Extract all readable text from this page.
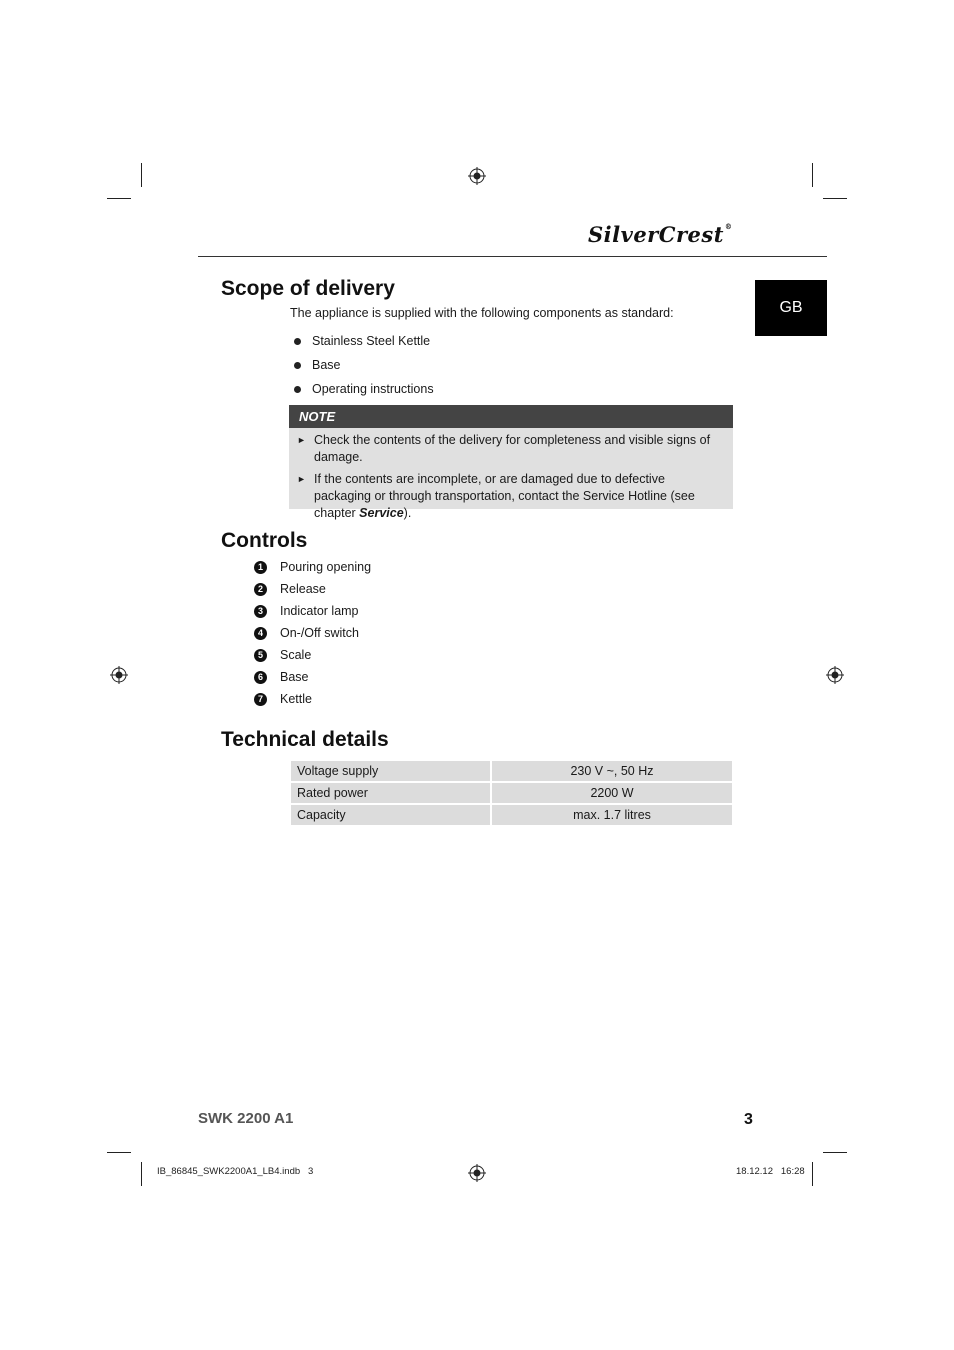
SilverCrest®
GB
Scope of delivery
The appliance is supplied with the following components as standard:
Stainless Steel Kettle
Base
Operating instructions
NOTE
► Check the contents of the delivery for completeness and visible signs of damage.
► If the contents are incomplete, or are damaged due to defective packaging or through transportation, contact the Service Hotline (see chapter Service).
Controls
1	Pouring opening
2	Release
3	Indicator lamp
4	On-/Off switch
5	Scale
6	Base
7	Kettle
Technical details
Voltage supply	230 V ~, 50 Hz
Rated power	2200 W
Capacity	max. 1.7 litres
SWK 2200 A1	3
IB_86845_SWK2200A1_LB4.indb   3	18.12.12   16:28
